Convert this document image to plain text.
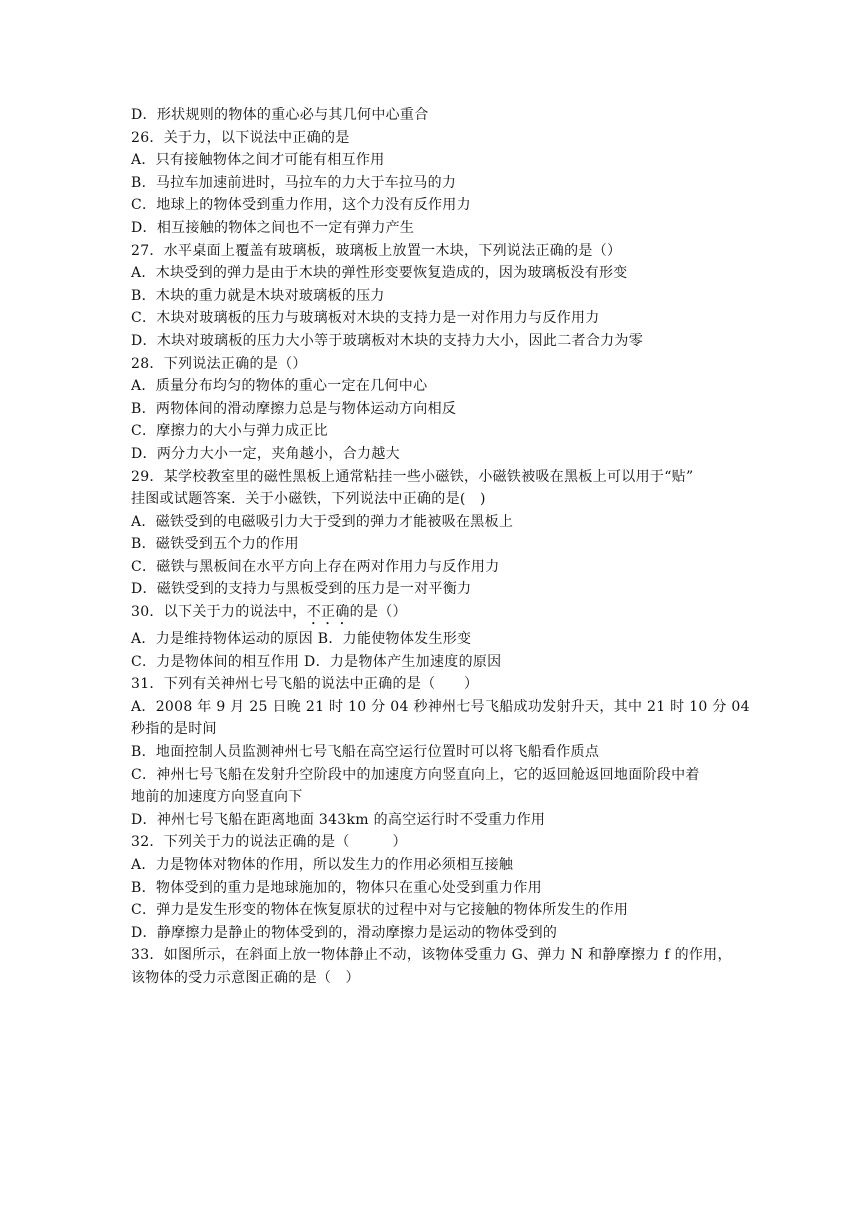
D．形状规则的物体的重心必与其几何中心重合
26．关于力，以下说法中正确的是
A．只有接触物体之间才可能有相互作用
B．马拉车加速前进时，马拉车的力大于车拉马的力
C．地球上的物体受到重力作用，这个力没有反作用力
D．相互接触的物体之间也不一定有弹力产生
27．水平桌面上覆盖有玻璃板，玻璃板上放置一木块，下列说法正确的是（）
A．木块受到的弹力是由于木块的弹性形变要恢复造成的，因为玻璃板没有形变
B．木块的重力就是木块对玻璃板的压力
C．木块对玻璃板的压力与玻璃板对木块的支持力是一对作用力与反作用力
D．木块对玻璃板的压力大小等于玻璃板对木块的支持力大小，因此二者合力为零
28．下列说法正确的是（）
A．质量分布均匀的物体的重心一定在几何中心
B．两物体间的滑动摩擦力总是与物体运动方向相反
C．摩擦力的大小与弹力成正比
D．两分力大小一定，夹角越小，合力越大
29．某学校教室里的磁性黑板上通常粘挂一些小磁铁，小磁铁被吸在黑板上可以用于“贴”
挂图或试题答案．关于小磁铁，下列说法中正确的是(　)
A．磁铁受到的电磁吸引力大于受到的弹力才能被吸在黑板上
B．磁铁受到五个力的作用
C．磁铁与黑板间在水平方向上存在两对作用力与反作用力
D．磁铁受到的支持力与黑板受到的压力是一对平衡力
30．以下关于力的说法中，不正确的是（）
A．力是维持物体运动的原因 B．力能使物体发生形变
C．力是物体间的相互作用 D．力是物体产生加速度的原因
31．下列有关神州七号飞船的说法中正确的是（　　）
A．2008 年 9 月 25 日晚 21 时 10 分 04 秒神州七号飞船成功发射升天，其中 21 时 10 分 04
秒指的是时间
B．地面控制人员监测神州七号飞船在高空运行位置时可以将飞船看作质点
C．神州七号飞船在发射升空阶段中的加速度方向竖直向上，它的返回舱返回地面阶段中着
地前的加速度方向竖直向下
D．神州七号飞船在距离地面 343km 的高空运行时不受重力作用
32．下列关于力的说法正确的是（　　　）
A．力是物体对物体的作用，所以发生力的作用必须相互接触
B．物体受到的重力是地球施加的，物体只在重心处受到重力作用
C．弹力是发生形变的物体在恢复原状的过程中对与它接触的物体所发生的作用
D．静摩擦力是静止的物体受到的，滑动摩擦力是运动的物体受到的
33．如图所示，在斜面上放一物体静止不动，该物体受重力 G、弹力 N 和静摩擦力 f 的作用，
该物体的受力示意图正确的是（　）
